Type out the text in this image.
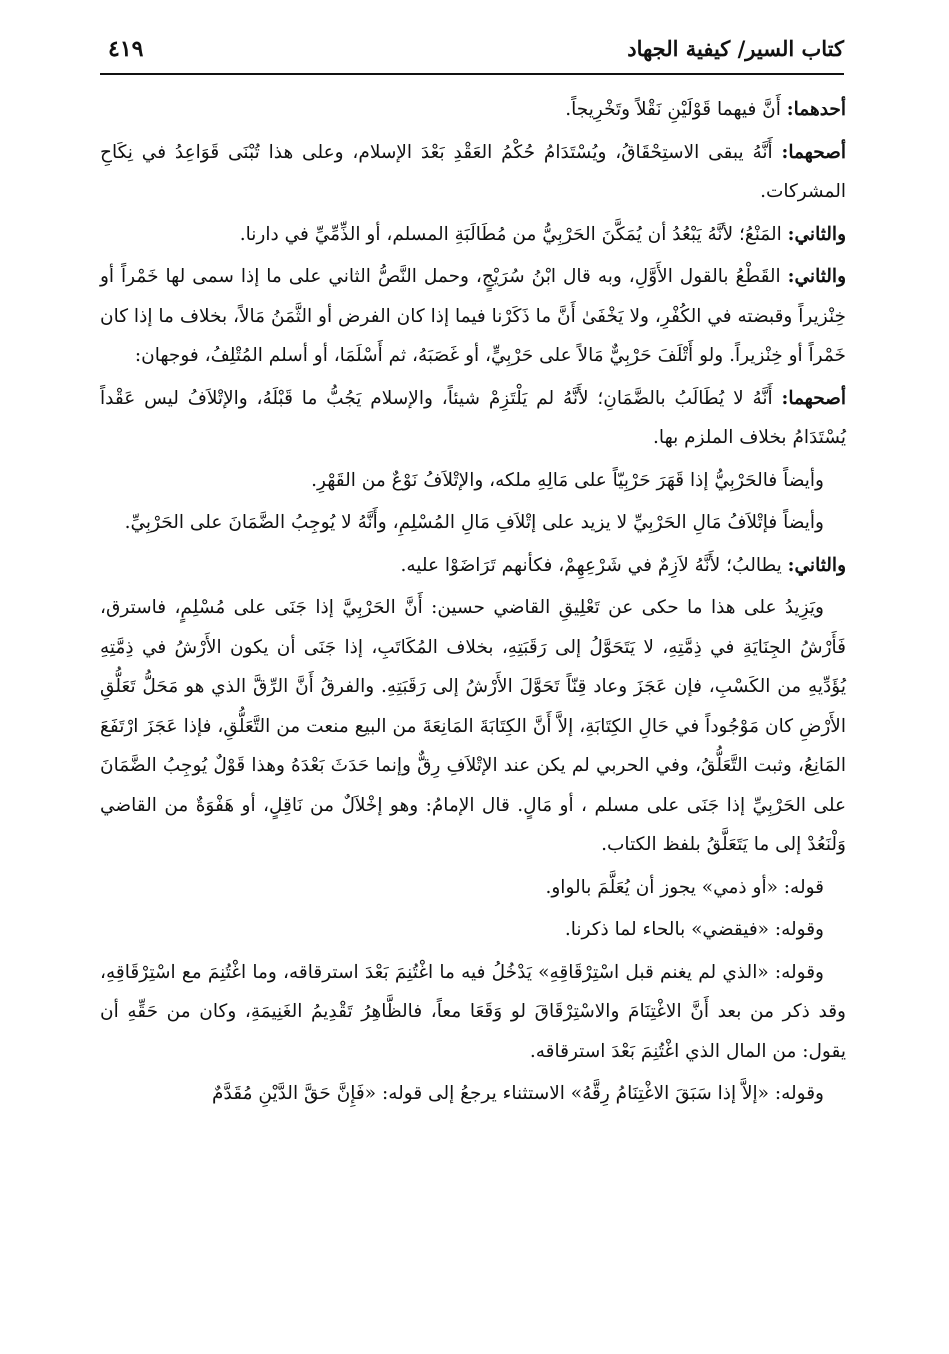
كتاب السير/ كيفية الجهاد
٤١٩

أحدهما: أَنَّ فيهما قَوْلَيْنِ نَقْلاً وتَخْرِيجاً.

أصحهما: أَنَّهُ يبقى الاستِحْقَاقُ، ويُسْتَدَامُ حُكْمُ العَقْدِ بَعْدَ الإسلام، وعلى هذا تُبْنَى قَوَاعِدُ في نِكَاحِ المشركات.

والثاني: المَنْعُ؛ لأنَّهُ يَبْعُدُ أن يُمَكَّنَ الحَرْبِيُّ من مُطَالَبَةِ المسلم، أو الذِّمِّيِّ في دارنا.

والثاني: القَطْعُ بالقول الأَوَّلِ، وبه قال ابْنُ سُرَيْجٍ، وحمل النَّصُّ الثاني على ما إذا سمى لها خَمْراً أو خِنْزيراً وقبضته في الكُفْرِ، ولا يَخْفَىٰ أَنَّ ما ذَكَرْنا فيما إذا كان الفرض أو الثَّمَنُ مَالاً، بخلاف ما إذا كان خَمْراً أو خِنْزيراً. ولو أَتْلَفَ حَرْبِيٌّ مَالاً على حَرْبِيٍّ، أو غَصَبَهُ، ثم أَسْلَمَا، أو أسلم المُتْلِفُ، فوجهان:

أصحهما: أَنَّهُ لا يُطَالَبُ بالضَّمَانِ؛ لأَنَّهُ لم يَلْتَزِمْ شيئاً، والإسلام يَجُبُّ ما قَبْلَهُ، والإتْلاَفُ ليس عَقْداً يُسْتَدَامُ بخلاف الملزم بها.

وأيضاً فالحَرْبِيُّ إذا قَهَرَ حَرْبِيّاً على مَالِهِ ملكه، والإتْلاَفُ نَوْعٌ من القَهْرِ.

وأيضاً فإتْلاَفُ مَالِ الحَرْبِيِّ لا يزيد على إتْلاَفِ مَالِ المُسْلِمِ، وأَنَّهُ لا يُوجِبُ الضَّمَانَ على الحَرْبِيِّ.

والثاني: يطالبُ؛ لأَنَّهُ لاَزِمٌ في شَرْعِهِمْ، فكأنهم تَرَاضَوْا عليه.

ويَزِيدُ على هذا ما حكى عن تَعْلِيقِ القاضي حسين: أَنَّ الحَرْبِيَّ إذا جَنَى على مُسْلِمٍ، فاسترق، فَأَرْشُ الجِنَايَةِ في ذِمَّتِهِ، لا يَتَحَوَّلُ إلى رَقَبَتِهِ، بخلاف المُكَاتَبِ، إذا جَنَى أن يكون الأَرْشُ في ذِمَّتِهِ يُؤَدِّيهِ من الكَسْبِ، فإن عَجَزَ وعاد قِنّاً تَحَوَّلَ الأَرْشُ إلى رَقَبَتِهِ. والفرقُ أَنَّ الرِّقَّ الذي هو مَحَلُّ تَعَلُّقِ الأَرْضِ كان مَوْجُوداً في حَالِ الكِتَابَةِ، إلاَّ أَنَّ الكِتَابَةَ المَانِعَةَ من البيع منعت من التَّعَلُّقِ، فإذا عَجَزَ ارْتَفَعَ المَانِعُ، وثبت التَّعَلُّقُ، وفي الحربي لم يكن عند الإتْلاَفِ رِقٌّ وإنما حَدَثَ بَعْدَهُ وهذا قَوْلٌ يُوجِبُ الضَّمَانَ على الحَرْبِيِّ إذا جَنَى على مسلم ، أو مَالٍ. قال الإمامُ: وهو إخْلاَلٌ من نَاقِلٍ، أو هَفْوَةٌ من القاضي وَلْنَعُدْ إلى ما يَتَعَلَّقُ بلفظ الكتاب.

قوله: «أو ذمي» يجوز أن يُعَلَّمَ بالواو.

وقوله: «فيقضي» بالحاء لما ذكرنا.

وقوله: «الذي لم يغنم قبل اسْتِرْقَاقِهِ» يَدْخُلُ فيه ما اغْتُنِمَ بَعْدَ استرقاقه، وما اغْتُنِمَ مع اسْتِرْقَاقِهِ، وقد ذكر من بعد أَنَّ الاغْتِنَامَ والاسْتِرْقَاقَ لو وَقَعَا معاً، فالظَّاهِرُ تَقْدِيمُ الغَنِيمَةِ، وكان من حَقِّهِ أن يقول: من المال الذي اغْتُنِمَ بَعْدَ استرقاقه.

وقوله: «إلاَّ إذا سَبَقَ الاغْتِنَامُ رِقَّهُ» الاستثناء يرجعُ إلى قوله: «فَإِنَّ حَقَّ الدَّيْنِ مُقَدَّمٌ
